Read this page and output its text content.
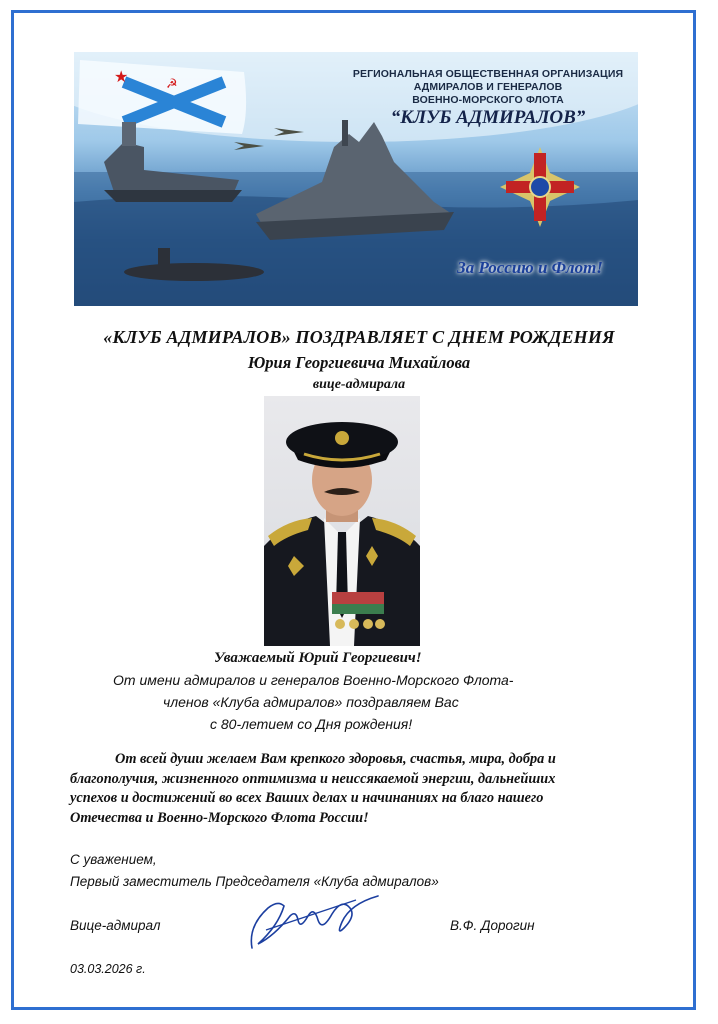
★	☭
РЕГИОНАЛЬНАЯ ОБЩЕСТВЕННАЯ ОРГАНИЗАЦИЯ
АДМИРАЛОВ И ГЕНЕРАЛОВ
ВОЕННО-МОРСКОГО ФЛОТА
“КЛУБ АДМИРАЛОВ”
За Россию и Флот!
«КЛУБ АДМИРАЛОВ» ПОЗДРАВЛЯЕТ С ДНЕМ РОЖДЕНИЯ
Юрия Георгиевича Михайлова
вице-адмирала
Уважаемый Юрий Георгиевич!
От имени адмиралов и генералов Военно-Морского Флота-
членов «Клуба адмиралов» поздравляем Вас
с 80-летием со Дня рождения!
От всей души желаем Вам крепкого здоровья, счастья, мира, добра и
благополучия, жизненного оптимизма и неиссякаемой энергии, дальнейших
успехов и достижений во всех Ваших делах и начинаниях на благо нашего
Отечества и Военно-Морского Флота России!
С уважением,
Первый заместитель Председателя «Клуба адмиралов»
Вице-адмирал	В.Ф. Дорогин
03.03.2026 г.
